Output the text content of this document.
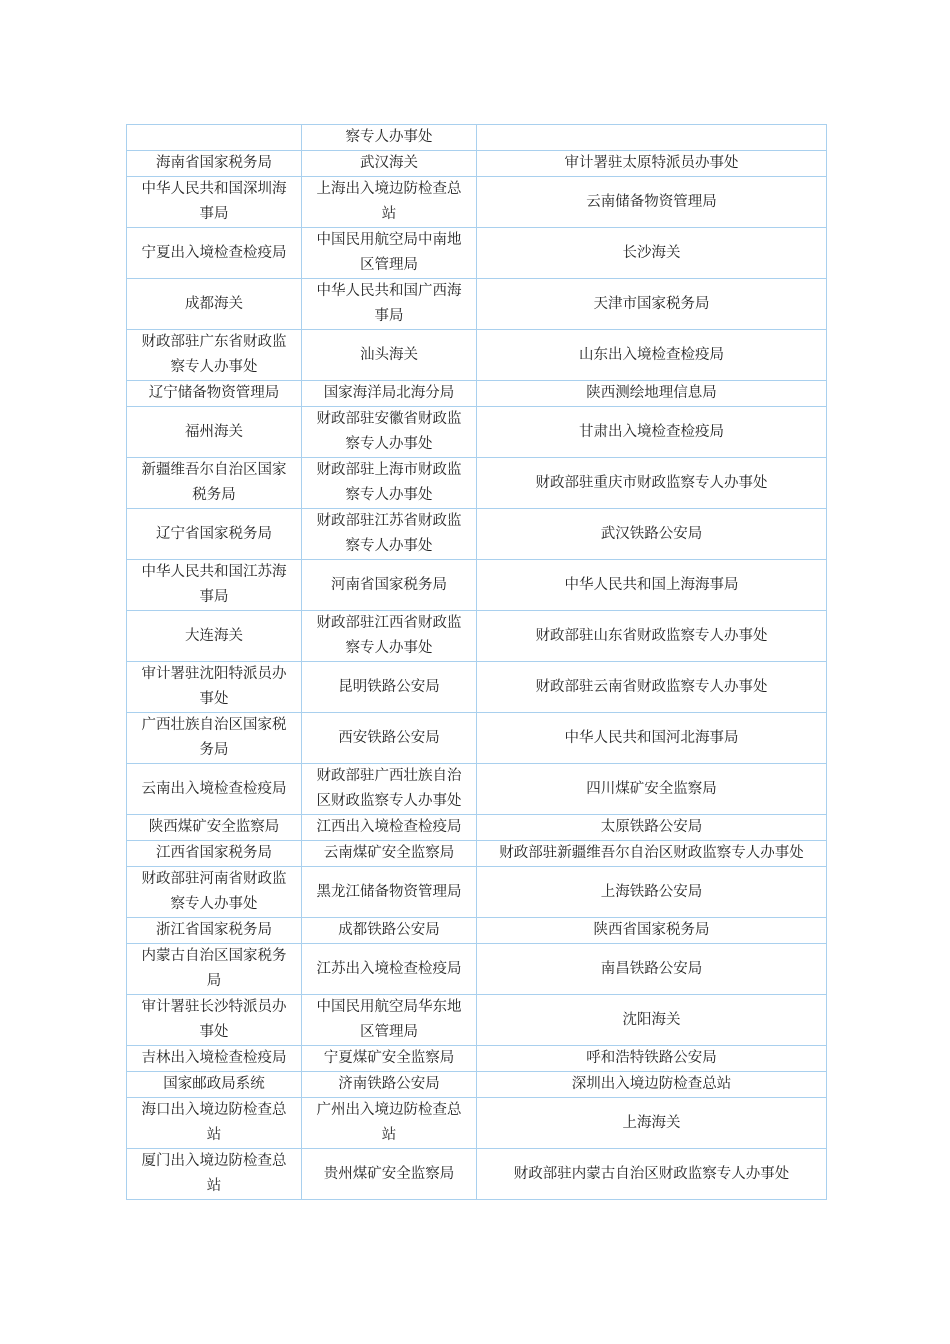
	察专人办事处	
海南省国家税务局	武汉海关	审计署驻太原特派员办事处
中华人民共和国深圳海事局	上海出入境边防检查总站	云南储备物资管理局
宁夏出入境检查检疫局	中国民用航空局中南地区管理局	长沙海关
成都海关	中华人民共和国广西海事局	天津市国家税务局
财政部驻广东省财政监察专人办事处	汕头海关	山东出入境检查检疫局
辽宁储备物资管理局	国家海洋局北海分局	陕西测绘地理信息局
福州海关	财政部驻安徽省财政监察专人办事处	甘肃出入境检查检疫局
新疆维吾尔自治区国家税务局	财政部驻上海市财政监察专人办事处	财政部驻重庆市财政监察专人办事处
辽宁省国家税务局	财政部驻江苏省财政监察专人办事处	武汉铁路公安局
中华人民共和国江苏海事局	河南省国家税务局	中华人民共和国上海海事局
大连海关	财政部驻江西省财政监察专人办事处	财政部驻山东省财政监察专人办事处
审计署驻沈阳特派员办事处	昆明铁路公安局	财政部驻云南省财政监察专人办事处
广西壮族自治区国家税务局	西安铁路公安局	中华人民共和国河北海事局
云南出入境检查检疫局	财政部驻广西壮族自治区财政监察专人办事处	四川煤矿安全监察局
陕西煤矿安全监察局	江西出入境检查检疫局	太原铁路公安局
江西省国家税务局	云南煤矿安全监察局	财政部驻新疆维吾尔自治区财政监察专人办事处
财政部驻河南省财政监察专人办事处	黑龙江储备物资管理局	上海铁路公安局
浙江省国家税务局	成都铁路公安局	陕西省国家税务局
内蒙古自治区国家税务局	江苏出入境检查检疫局	南昌铁路公安局
审计署驻长沙特派员办事处	中国民用航空局华东地区管理局	沈阳海关
吉林出入境检查检疫局	宁夏煤矿安全监察局	呼和浩特铁路公安局
国家邮政局系统	济南铁路公安局	深圳出入境边防检查总站
海口出入境边防检查总站	广州出入境边防检查总站	上海海关
厦门出入境边防检查总站	贵州煤矿安全监察局	财政部驻内蒙古自治区财政监察专人办事处
